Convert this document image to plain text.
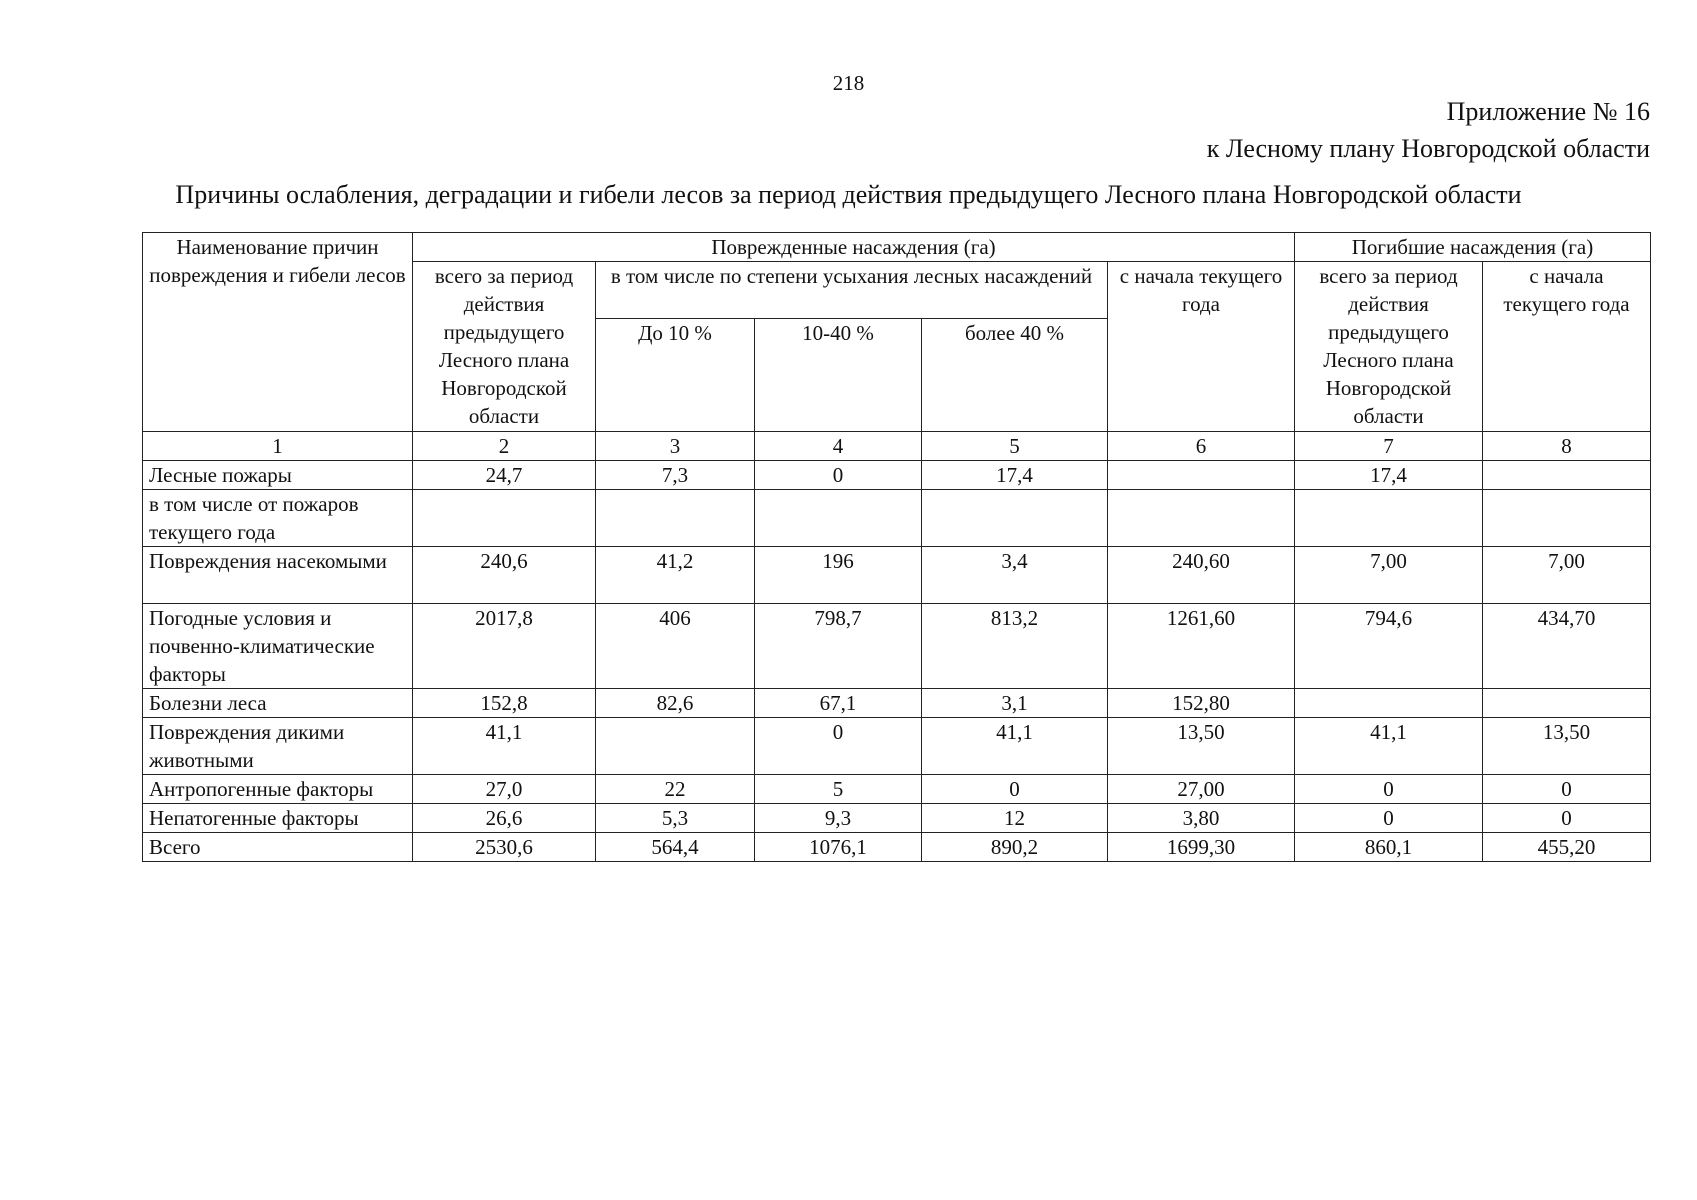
218
Приложение № 16
к Лесному плану Новгородской области
Причины ослабления, деградации и гибели лесов за период действия предыдущего Лесного плана Новгородской области
Наименование причин повреждения и гибели лесов	Поврежденные насаждения (га)					Погибшие насаждения (га)	
	всего за период действия предыдущего Лесного плана Новгородской области	в том числе по степени усыхания лесных насаждений			с начала текущего года	всего за период действия предыдущего Лесного плана Новгородской области	с начала текущего года
		До 10 %	10-40 %	более 40 %			
1	2	3	4	5	6	7	8
Лесные пожары	24,7	7,3	0	17,4		17,4	
в том числе от пожаров текущего года							
Повреждения насекомыми	240,6	41,2	196	3,4	240,60	7,00	7,00
Погодные условия и почвенно-климатические факторы	2017,8	406	798,7	813,2	1261,60	794,6	434,70
Болезни леса	152,8	82,6	67,1	3,1	152,80		
Повреждения дикими животными	41,1		0	41,1	13,50	41,1	13,50
Антропогенные факторы	27,0	22	5	0	27,00	0	0
Непатогенные факторы	26,6	5,3	9,3	12	3,80	0	0
Всего	2530,6	564,4	1076,1	890,2	1699,30	860,1	455,20
